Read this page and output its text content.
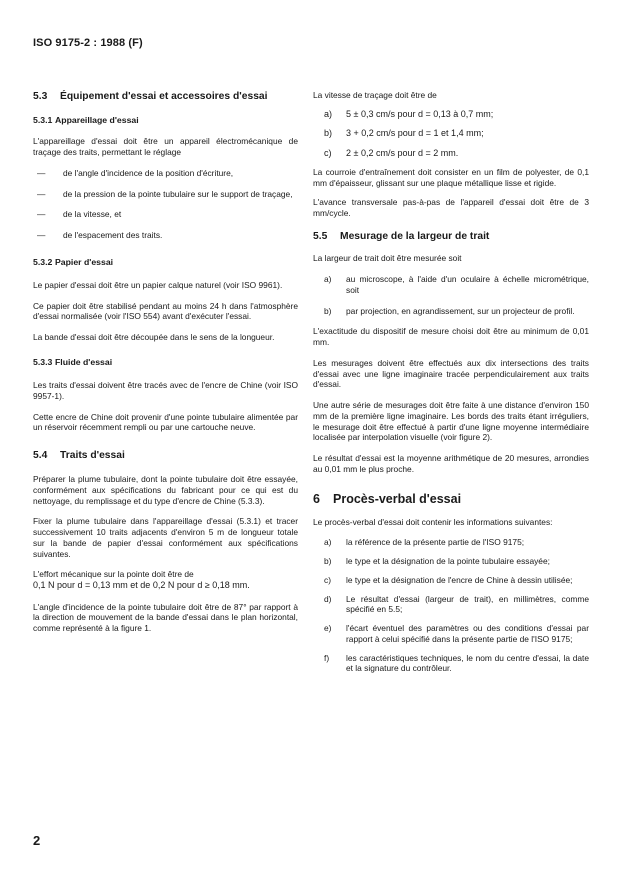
ISO 9175-2 : 1988 (F)

5.3 Équipement d'essai et accessoires d'essai

5.3.1 Appareillage d'essai

L'appareillage d'essai doit être un appareil électromécanique de traçage des traits, permettant le réglage

—	de l'angle d'incidence de la position d'écriture,
— de la pression de la pointe tubulaire sur le support de traçage,
—	de la vitesse, et
—	de l'espacement des traits.

5.3.2 Papier d'essai

Le papier d'essai doit être un papier calque naturel (voir ISO 9961).

Ce papier doit être stabilisé pendant au moins 24 h dans l'atmosphère d'essai normalisée (voir l'ISO 554) avant d'exécuter l'essai.

La bande d'essai doit être découpée dans le sens de la longueur.

5.3.3 Fluide d'essai

Les traits d'essai doivent être tracés avec de l'encre de Chine (voir ISO 9957-1).

Cette encre de Chine doit provenir d'une pointe tubulaire alimentée par un réservoir récemment rempli ou par une cartouche neuve.

5.4 Traits d'essai

Préparer la plume tubulaire, dont la pointe tubulaire doit être essayée, conformément aux spécifications du fabricant pour ce qui est du nettoyage, du remplissage et du type d'encre de Chine (5.3.3).

Fixer la plume tubulaire dans l'appareillage d'essai (5.3.1) et tracer successivement 10 traits adjacents d'environ 5 m de longueur totale sur la bande de papier d'essai conformément aux spécifications suivantes.

L'effort mécanique sur la pointe doit être de

0,1 N pour d = 0,13 mm et de 0,2 N pour d ≥ 0,18 mm.

L'angle d'incidence de la pointe tubulaire doit être de 87° par rapport à la direction de mouvement de la bande d'essai dans le plan horizontal, comme représenté à la figure 1.

La vitesse de traçage doit être de

a)	5 ± 0,3 cm/s pour d = 0,13 à 0,7 mm;
b)	3 + 0,2 cm/s pour d = 1 et 1,4 mm;
c)	2 ± 0,2 cm/s pour d = 2 mm.

La courroie d'entraînement doit consister en un film de polyester, de 0,1 mm d'épaisseur, glissant sur une plaque métallique lisse et rigide.

L'avance transversale pas-à-pas de l'appareil d'essai doit être de 3 mm/cycle.

5.5 Mesurage de la largeur de trait

La largeur de trait doit être mesurée soit

a)	au microscope, à l'aide d'un oculaire à échelle micrométrique, soit
b)	par projection, en agrandissement, sur un projecteur de profil.

L'exactitude du dispositif de mesure choisi doit être au minimum de 0,01 mm.

Les mesurages doivent être effectués aux dix intersections des traits d'essai avec une ligne imaginaire tracée perpendiculairement aux traits d'essai.

Une autre série de mesurages doit être faite à une distance d'environ 150 mm de la première ligne imaginaire. Les bords des traits étant irréguliers, le mesurage doit être effectué à partir d'une ligne moyenne intermédiaire localisée par interpolation visuelle (voir figure 2).

Le résultat d'essai est la moyenne arithmétique de 20 mesures, arrondies au 0,01 mm le plus proche.

6 Procès-verbal d'essai

Le procès-verbal d'essai doit contenir les informations suivantes:

a)	la référence de la présente partie de l'ISO 9175;
b)	le type et la désignation de la pointe tubulaire essayée;
c)	le type et la désignation de l'encre de Chine à dessin utilisée;
d)	Le résultat d'essai (largeur de trait), en millimètres, comme spécifié en 5.5;
e)	l'écart éventuel des paramètres ou des conditions d'essai par rapport à celui spécifié dans la présente partie de l'ISO 9175;
f)	les caractéristiques techniques, le nom du centre d'essai, la date et la signature du contrôleur.
2
